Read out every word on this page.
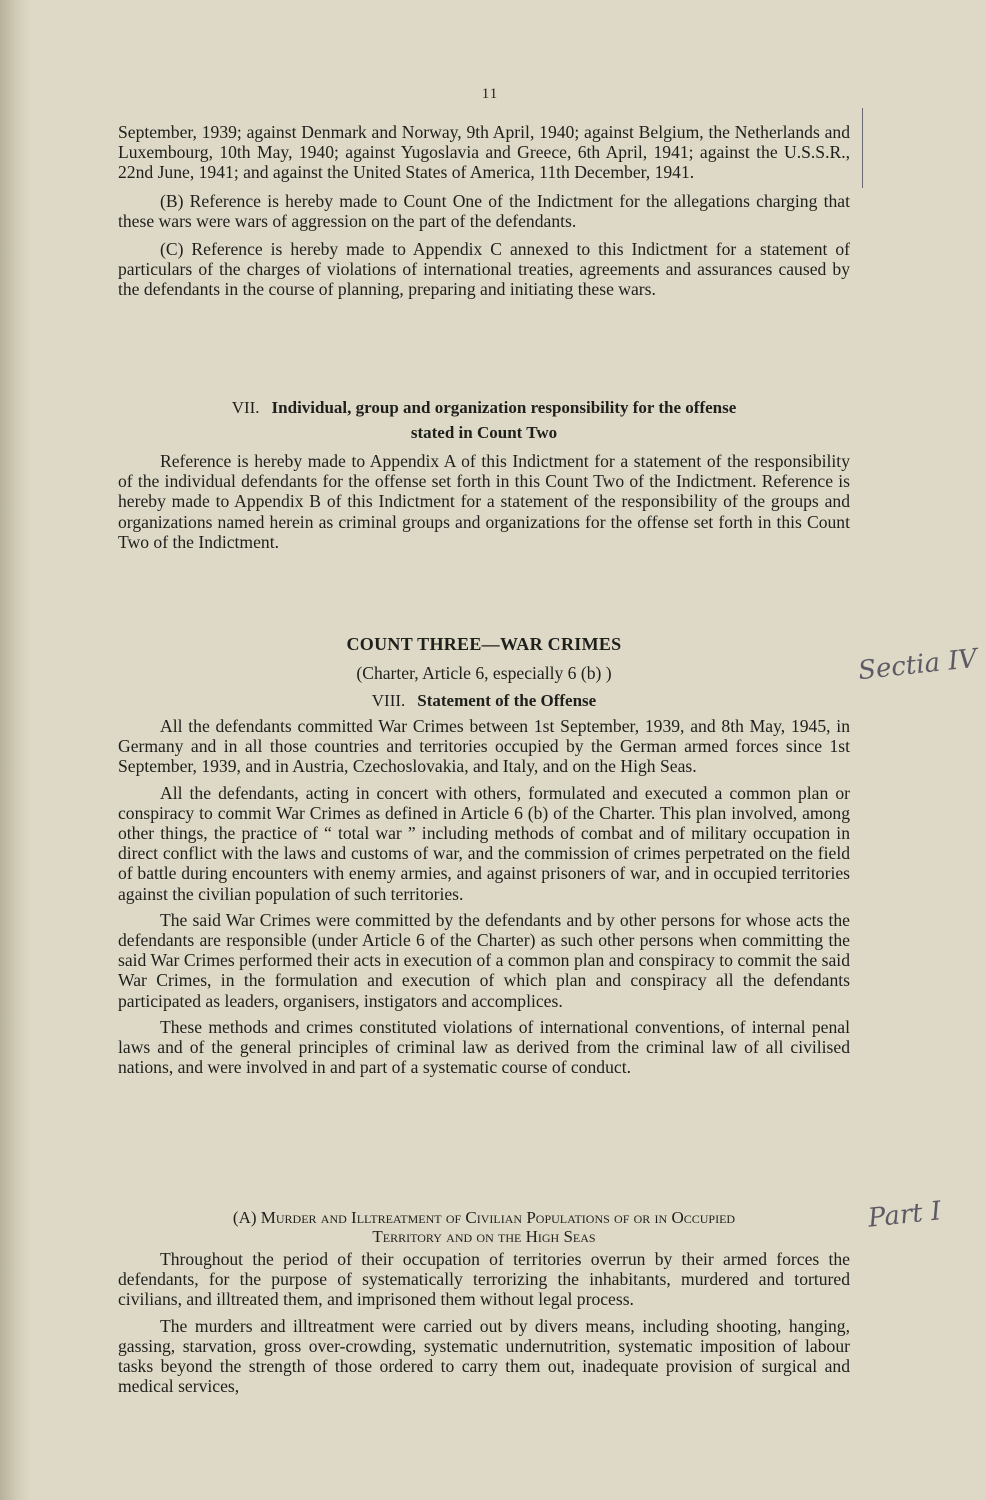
11

September, 1939; against Denmark and Norway, 9th April, 1940; against Belgium, the Netherlands and Luxembourg, 10th May, 1940; against Yugoslavia and Greece, 6th April, 1941; against the U.S.S.R., 22nd June, 1941; and against the United States of America, 11th December, 1941.

(B) Reference is hereby made to Count One of the Indictment for the allegations charging that these wars were wars of aggression on the part of the defendants.

(C) Reference is hereby made to Appendix C annexed to this Indictment for a statement of particulars of the charges of violations of international treaties, agreements and assurances caused by the defendants in the course of planning, preparing and initiating these wars.

VII. Individual, group and organization responsibility for the offense
stated in Count Two

Reference is hereby made to Appendix A of this Indictment for a statement of the responsibility of the individual defendants for the offense set forth in this Count Two of the Indictment. Reference is hereby made to Appendix B of this Indictment for a statement of the responsibility of the groups and organizations named herein as criminal groups and organizations for the offense set forth in this Count Two of the Indictment.

COUNT THREE—WAR CRIMES
(Charter, Article 6, especially 6 (b) )
VIII. Statement of the Offense

All the defendants committed War Crimes between 1st September, 1939, and 8th May, 1945, in Germany and in all those countries and territories occupied by the German armed forces since 1st September, 1939, and in Austria, Czechoslovakia, and Italy, and on the High Seas.

All the defendants, acting in concert with others, formulated and executed a common plan or conspiracy to commit War Crimes as defined in Article 6 (b) of the Charter. This plan involved, among other things, the practice of “ total war ” including methods of combat and of military occupation in direct conflict with the laws and customs of war, and the commission of crimes perpetrated on the field of battle during encounters with enemy armies, and against prisoners of war, and in occupied territories against the civilian population of such territories.

The said War Crimes were committed by the defendants and by other persons for whose acts the defendants are responsible (under Article 6 of the Charter) as such other persons when committing the said War Crimes performed their acts in execution of a common plan and conspiracy to commit the said War Crimes, in the formulation and execution of which plan and conspiracy all the defendants participated as leaders, organisers, instigators and accomplices.

These methods and crimes constituted violations of international conventions, of internal penal laws and of the general principles of criminal law as derived from the criminal law of all civilised nations, and were involved in and part of a systematic course of conduct.

(A) Murder and Illtreatment of Civilian Populations of or in Occupied
Territory and on the High Seas

Throughout the period of their occupation of territories overrun by their armed forces the defendants, for the purpose of systematically terrorizing the inhabitants, murdered and tortured civilians, and illtreated them, and imprisoned them without legal process.

The murders and illtreatment were carried out by divers means, including shooting, hanging, gassing, starvation, gross over-crowding, systematic undernutrition, systematic imposition of labour tasks beyond the strength of those ordered to carry them out, inadequate provision of surgical and medical services,

Sectia IV
Part I
